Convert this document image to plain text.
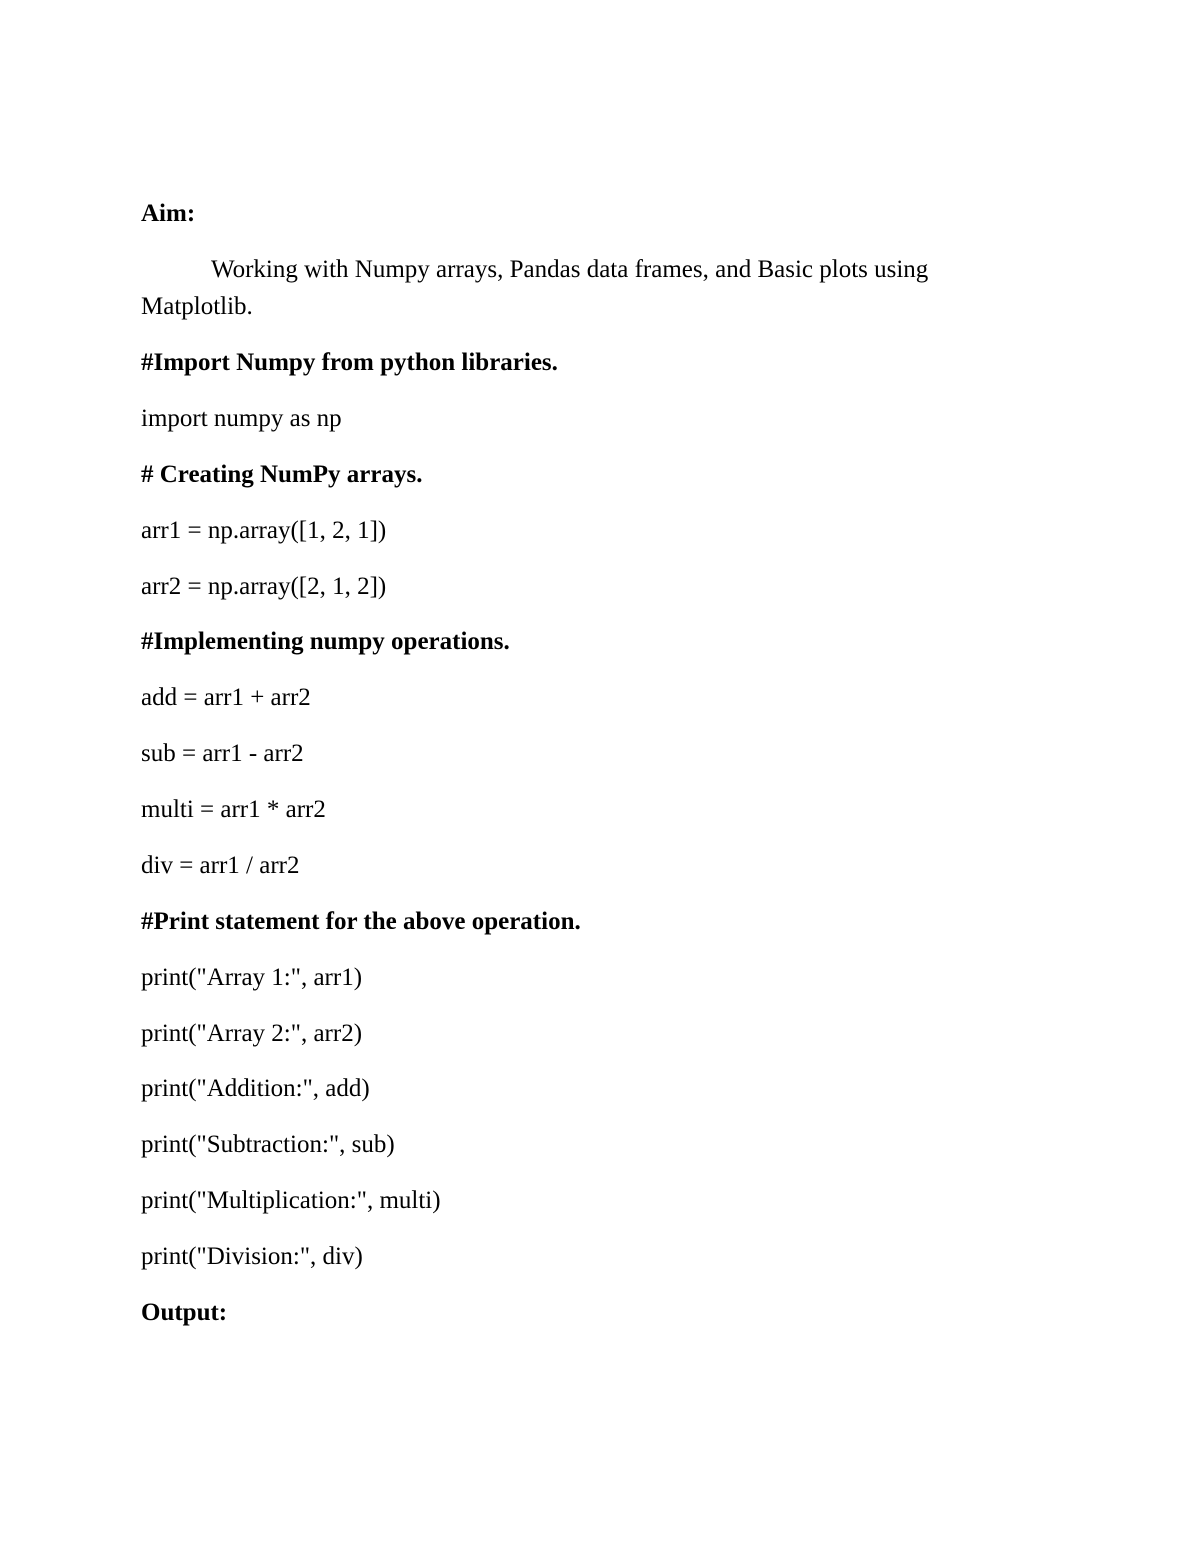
Aim:
Working with Numpy arrays, Pandas data frames, and Basic plots using
Matplotlib.
#Import Numpy from python libraries.
import numpy as np
# Creating NumPy arrays.
arr1 = np.array([1, 2, 1])
arr2 = np.array([2, 1, 2])
#Implementing numpy operations.
add = arr1 + arr2
sub = arr1 - arr2
multi = arr1 * arr2
div = arr1 / arr2
#Print statement for the above operation.
print("Array 1:", arr1)
print("Array 2:", arr2)
print("Addition:", add)
print("Subtraction:", sub)
print("Multiplication:", multi)
print("Division:", div)
Output:
